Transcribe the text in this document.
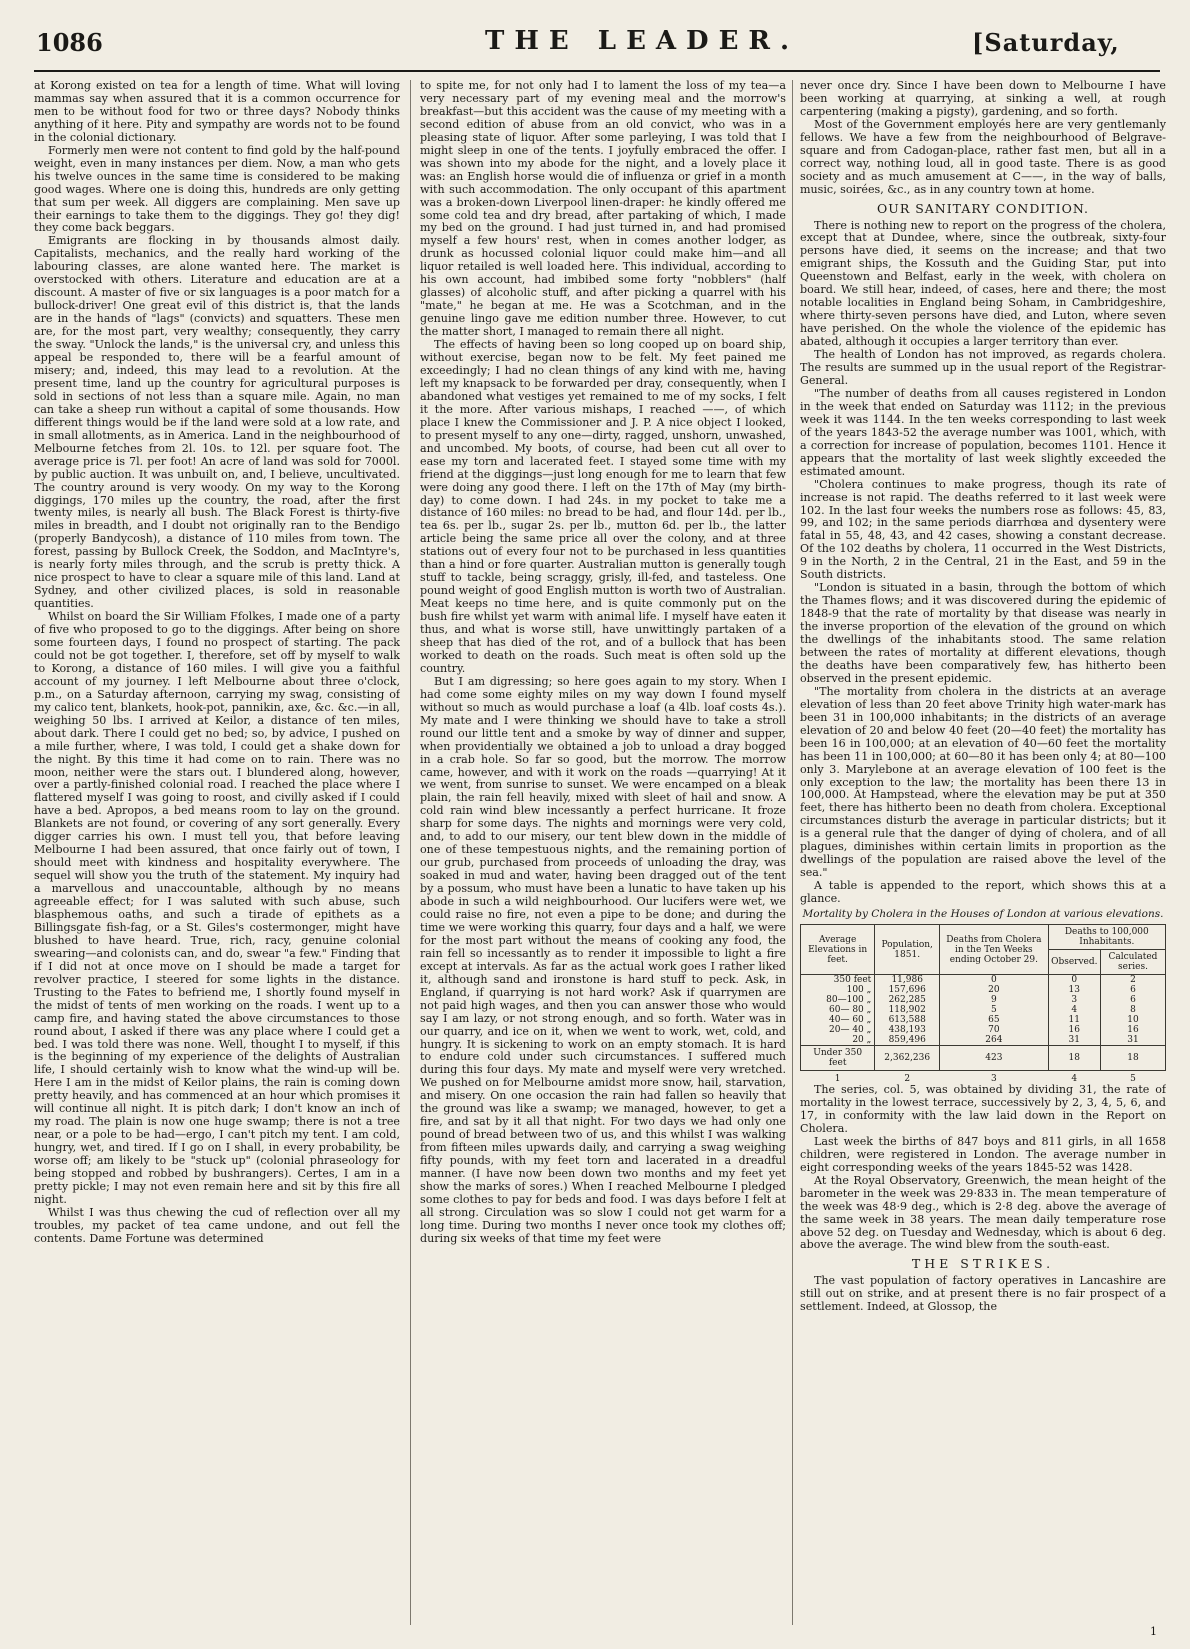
1086	THE LEADER.	[Saturday,

at Korong existed on tea for a length of time. What will loving mammas say when assured that it is a common occurrence for men to be without food for two or three days? Nobody thinks anything of it here. Pity and sympathy are words not to be found in the colonial dictionary.

Formerly men were not content to find gold by the half-pound weight, even in many instances per diem. Now, a man who gets his twelve ounces in the same time is considered to be making good wages. Where one is doing this, hundreds are only getting that sum per week. All diggers are complaining. Men save up their earnings to take them to the diggings. They go! they dig! they come back beggars.

Emigrants are flocking in by thousands almost daily. Capitalists, mechanics, and the really hard working of the labouring classes, are alone wanted here. The market is overstocked with others. Literature and education are at a discount. A master of five or six languages is a poor match for a bullock-driver! One great evil of this district is, that the lands are in the hands of "lags" (convicts) and squatters. These men are, for the most part, very wealthy; consequently, they carry the sway. "Unlock the lands," is the universal cry, and unless this appeal be responded to, there will be a fearful amount of misery; and, indeed, this may lead to a revolution. At the present time, land up the country for agricultural purposes is sold in sections of not less than a square mile. Again, no man can take a sheep run without a capital of some thousands. How different things would be if the land were sold at a low rate, and in small allotments, as in America. Land in the neighbourhood of Melbourne fetches from 2l. 10s. to 12l. per square foot. The average price is 7l. per foot! An acre of land was sold for 7000l. by public auction. It was unbuilt on, and, I believe, uncultivated. The country around is very woody. On my way to the Korong diggings, 170 miles up the country, the road, after the first twenty miles, is nearly all bush. The Black Forest is thirty-five miles in breadth, and I doubt not originally ran to the Bendigo (properly Bandycosh), a distance of 110 miles from town. The forest, passing by Bullock Creek, the Soddon, and MacIntyre's, is nearly forty miles through, and the scrub is pretty thick. A nice prospect to have to clear a square mile of this land. Land at Sydney, and other civilized places, is sold in reasonable quantities.

Whilst on board the Sir William Ffolkes, I made one of a party of five who proposed to go to the diggings. After being on shore some fourteen days, I found no prospect of starting. The pack could not be got together. I, therefore, set off by myself to walk to Korong, a distance of 160 miles. I will give you a faithful account of my journey. I left Melbourne about three o'clock, p.m., on a Saturday afternoon, carrying my swag, consisting of my calico tent, blankets, hook-pot, pannikin, axe, &c. &c.—in all, weighing 50 lbs. I arrived at Keilor, a distance of ten miles, about dark. There I could get no bed; so, by advice, I pushed on a mile further, where, I was told, I could get a shake down for the night. By this time it had come on to rain. There was no moon, neither were the stars out. I blundered along, however, over a partly-finished colonial road. I reached the place where I flattered myself I was going to roost, and civilly asked if I could have a bed. Apropos, a bed means room to lay on the ground. Blankets are not found, or covering of any sort generally. Every digger carries his own. I must tell you, that before leaving Melbourne I had been assured, that once fairly out of town, I should meet with kindness and hospitality everywhere. The sequel will show you the truth of the statement. My inquiry had a marvellous and unaccountable, although by no means agreeable effect; for I was saluted with such abuse, such blasphemous oaths, and such a tirade of epithets as a Billingsgate fish-fag, or a St. Giles's costermonger, might have blushed to have heard. True, rich, racy, genuine colonial swearing—and colonists can, and do, swear "a few." Finding that if I did not at once move on I should be made a target for revolver practice, I steered for some lights in the distance. Trusting to the Fates to befriend me, I shortly found myself in the midst of tents of men working on the roads. I went up to a camp fire, and having stated the above circumstances to those round about, I asked if there was any place where I could get a bed. I was told there was none. Well, thought I to myself, if this is the beginning of my experience of the delights of Australian life, I should certainly wish to know what the wind-up will be. Here I am in the midst of Keilor plains, the rain is coming down pretty heavily, and has commenced at an hour which promises it will continue all night. It is pitch dark; I don't know an inch of my road. The plain is now one huge swamp; there is not a tree near, or a pole to be had—ergo, I can't pitch my tent. I am cold, hungry, wet, and tired. If I go on I shall, in every probability, be worse off; am likely to be "stuck up" (colonial phraseology for being stopped and robbed by bushrangers). Certes, I am in a pretty pickle; I may not even remain here and sit by this fire all night.

Whilst I was thus chewing the cud of reflection over all my troubles, my packet of tea came undone, and out fell the contents. Dame Fortune was determined

to spite me, for not only had I to lament the loss of my tea—a very necessary part of my evening meal and the morrow's breakfast—but this accident was the cause of my meeting with a second edition of abuse from an old convict, who was in a pleasing state of liquor. After some parleying, I was told that I might sleep in one of the tents. I joyfully embraced the offer. I was shown into my abode for the night, and a lovely place it was: an English horse would die of influenza or grief in a month with such accommodation. The only occupant of this apartment was a broken-down Liverpool linen-draper: he kindly offered me some cold tea and dry bread, after partaking of which, I made my bed on the ground. I had just turned in, and had promised myself a few hours' rest, when in comes another lodger, as drunk as hocussed colonial liquor could make him—and all liquor retailed is well loaded here. This individual, according to his own account, had imbibed some forty "nobblers" (half glasses) of alcoholic stuff, and after picking a quarrel with his "mate," he began at me. He was a Scotchman, and in the genuine lingo gave me edition number three. However, to cut the matter short, I managed to remain there all night.

The effects of having been so long cooped up on board ship, without exercise, began now to be felt. My feet pained me exceedingly; I had no clean things of any kind with me, having left my knapsack to be forwarded per dray, consequently, when I abandoned what vestiges yet remained to me of my socks, I felt it the more. After various mishaps, I reached ——, of which place I knew the Commissioner and J. P. A nice object I looked, to present myself to any one—dirty, ragged, unshorn, unwashed, and uncombed. My boots, of course, had been cut all over to ease my torn and lacerated feet. I stayed some time with my friend at the diggings—just long enough for me to learn that few were doing any good there. I left on the 17th of May (my birth-day) to come down. I had 24s. in my pocket to take me a distance of 160 miles: no bread to be had, and flour 14d. per lb., tea 6s. per lb., sugar 2s. per lb., mutton 6d. per lb., the latter article being the same price all over the colony, and at three stations out of every four not to be purchased in less quantities than a hind or fore quarter. Australian mutton is generally tough stuff to tackle, being scraggy, grisly, ill-fed, and tasteless. One pound weight of good English mutton is worth two of Australian. Meat keeps no time here, and is quite commonly put on the bush fire whilst yet warm with animal life. I myself have eaten it thus, and what is worse still, have unwittingly partaken of a sheep that has died of the rot, and of a bullock that has been worked to death on the roads. Such meat is often sold up the country.

But I am digressing; so here goes again to my story. When I had come some eighty miles on my way down I found myself without so much as would purchase a loaf (a 4lb. loaf costs 4s.). My mate and I were thinking we should have to take a stroll round our little tent and a smoke by way of dinner and supper, when providentially we obtained a job to unload a dray bogged in a crab hole. So far so good, but the morrow. The morrow came, however, and with it work on the roads —quarrying! At it we went, from sunrise to sunset. We were encamped on a bleak plain, the rain fell heavily, mixed with sleet of hail and snow. A cold rain wind blew incessantly a perfect hurricane. It froze sharp for some days. The nights and mornings were very cold, and, to add to our misery, our tent blew down in the middle of one of these tempestuous nights, and the remaining portion of our grub, purchased from proceeds of unloading the dray, was soaked in mud and water, having been dragged out of the tent by a possum, who must have been a lunatic to have taken up his abode in such a wild neighbourhood. Our lucifers were wet, we could raise no fire, not even a pipe to be done; and during the time we were working this quarry, four days and a half, we were for the most part without the means of cooking any food, the rain fell so incessantly as to render it impossible to light a fire except at intervals. As far as the actual work goes I rather liked it, although sand and ironstone is hard stuff to peck. Ask, in England, if quarrying is not hard work? Ask if quarrymen are not paid high wages, and then you can answer those who would say I am lazy, or not strong enough, and so forth. Water was in our quarry, and ice on it, when we went to work, wet, cold, and hungry. It is sickening to work on an empty stomach. It is hard to endure cold under such circumstances. I suffered much during this four days. My mate and myself were very wretched. We pushed on for Melbourne amidst more snow, hail, starvation, and misery. On one occasion the rain had fallen so heavily that the ground was like a swamp; we managed, however, to get a fire, and sat by it all that night. For two days we had only one pound of bread between two of us, and this whilst I was walking from fifteen miles upwards daily, and carrying a swag weighing fifty pounds, with my feet torn and lacerated in a dreadful manner. (I have now been down two months and my feet yet show the marks of sores.) When I reached Melbourne I pledged some clothes to pay for beds and food. I was days before I felt at all strong. Circulation was so slow I could not get warm for a long time. During two months I never once took my clothes off; during six weeks of that time my feet were

never once dry. Since I have been down to Melbourne I have been working at quarrying, at sinking a well, at rough carpentering (making a pigsty), gardening, and so forth.

Most of the Government employés here are very gentlemanly fellows. We have a few from the neighbourhood of Belgrave-square and from Cadogan-place, rather fast men, but all in a correct way, nothing loud, all in good taste. There is as good society and as much amusement at C——, in the way of balls, music, soirées, &c., as in any country town at home.

OUR SANITARY CONDITION.

There is nothing new to report on the progress of the cholera, except that at Dundee, where, since the outbreak, sixty-four persons have died, it seems on the increase; and that two emigrant ships, the Kossuth and the Guiding Star, put into Queenstown and Belfast, early in the week, with cholera on board. We still hear, indeed, of cases, here and there; the most notable localities in England being Soham, in Cambridgeshire, where thirty-seven persons have died, and Luton, where seven have perished. On the whole the violence of the epidemic has abated, although it occupies a larger territory than ever.

The health of London has not improved, as regards cholera. The results are summed up in the usual report of the Registrar-General.

"The number of deaths from all causes registered in London in the week that ended on Saturday was 1112; in the previous week it was 1144. In the ten weeks corresponding to last week of the years 1843-52 the average number was 1001, which, with a correction for increase of population, becomes 1101. Hence it appears that the mortality of last week slightly exceeded the estimated amount.

"Cholera continues to make progress, though its rate of increase is not rapid. The deaths referred to it last week were 102. In the last four weeks the numbers rose as follows: 45, 83, 99, and 102; in the same periods diarrhœa and dysentery were fatal in 55, 48, 43, and 42 cases, showing a constant decrease. Of the 102 deaths by cholera, 11 occurred in the West Districts, 9 in the North, 2 in the Central, 21 in the East, and 59 in the South districts.

"London is situated in a basin, through the bottom of which the Thames flows; and it was discovered during the epidemic of 1848-9 that the rate of mortality by that disease was nearly in the inverse proportion of the elevation of the ground on which the dwellings of the inhabitants stood. The same relation between the rates of mortality at different elevations, though the deaths have been comparatively few, has hitherto been observed in the present epidemic.

"The mortality from cholera in the districts at an average elevation of less than 20 feet above Trinity high water-mark has been 31 in 100,000 inhabitants; in the districts of an average elevation of 20 and below 40 feet (20—40 feet) the mortality has been 16 in 100,000; at an elevation of 40—60 feet the mortality has been 11 in 100,000; at 60—80 it has been only 4; at 80—100 only 3. Marylebone at an average elevation of 100 feet is the only exception to the law; the mortality has been there 13 in 100,000. At Hampstead, where the elevation may be put at 350 feet, there has hitherto been no death from cholera. Exceptional circumstances disturb the average in particular districts; but it is a general rule that the danger of dying of cholera, and of all plagues, diminishes within certain limits in proportion as the dwellings of the population are raised above the level of the sea."

A table is appended to the report, which shows this at a glance.

Mortality by Cholera in the Houses of London at various elevations.
Average Elevations in feet.	Population, 1851.	Deaths from Cholera in the Ten Weeks ending October 29.	Deaths to 100,000 Inhabitants.	
			Observed.	Calculated series.
350 feet	11,986	0	0	2
100 „	157,696	20	13	6
80—100 „	262,285	9	3	6
60— 80 „	118,902	5	4	8
40— 60 „	613,588	65	11	10
20— 40 „	438,193	70	16	16
20 „	859,496	264	31	31
Under 350 feet	2,362,236	423	18	18
1	2	3	4	5

The series, col. 5, was obtained by dividing 31, the rate of mortality in the lowest terrace, successively by 2, 3, 4, 5, 6, and 17, in conformity with the law laid down in the Report on Cholera.

Last week the births of 847 boys and 811 girls, in all 1658 children, were registered in London. The average number in eight corresponding weeks of the years 1845-52 was 1428.

At the Royal Observatory, Greenwich, the mean height of the barometer in the week was 29·833 in. The mean temperature of the week was 48·9 deg., which is 2·8 deg. above the average of the same week in 38 years. The mean daily temperature rose above 52 deg. on Tuesday and Wednesday, which is about 6 deg. above the average. The wind blew from the south-east.

THE STRIKES.

The vast population of factory operatives in Lancashire are still out on strike, and at present there is no fair prospect of a settlement. Indeed, at Glossop, the

1
